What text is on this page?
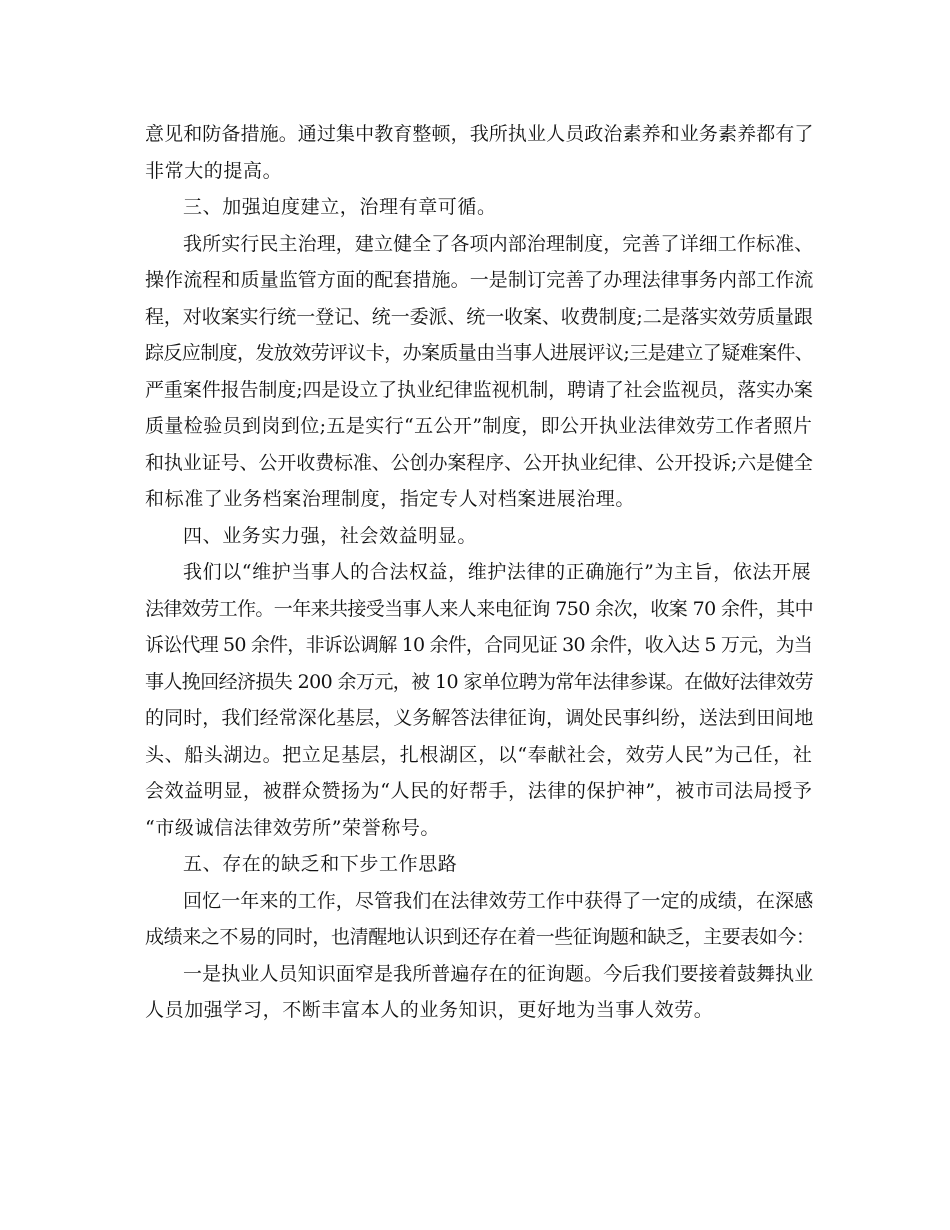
意见和防备措施。通过集中教育整顿，我所执业人员政治素养和业务素养都有了
非常大的提高。
三、加强迫度建立，治理有章可循。
我所实行民主治理，建立健全了各项内部治理制度，完善了详细工作标准、
操作流程和质量监管方面的配套措施。一是制订完善了办理法律事务内部工作流
程，对收案实行统一登记、统一委派、统一收案、收费制度;二是落实效劳质量跟
踪反应制度，发放效劳评议卡，办案质量由当事人进展评议;三是建立了疑难案件、
严重案件报告制度;四是设立了执业纪律监视机制，聘请了社会监视员，落实办案
质量检验员到岗到位;五是实行“五公开”制度，即公开执业法律效劳工作者照片
和执业证号、公开收费标准、公创办案程序、公开执业纪律、公开投诉;六是健全
和标准了业务档案治理制度，指定专人对档案进展治理。
四、业务实力强，社会效益明显。
我们以“维护当事人的合法权益，维护法律的正确施行”为主旨，依法开展
法律效劳工作。一年来共接受当事人来人来电征询 750 余次，收案 70 余件，其中
诉讼代理 50 余件，非诉讼调解 10 余件，合同见证 30 余件，收入达 5 万元，为当
事人挽回经济损失 200 余万元，被 10 家单位聘为常年法律参谋。在做好法律效劳
的同时，我们经常深化基层，义务解答法律征询，调处民事纠纷，送法到田间地
头、船头湖边。把立足基层，扎根湖区，以“奉献社会，效劳人民”为己任，社
会效益明显，被群众赞扬为“人民的好帮手，法律的保护神”，被市司法局授予
“市级诚信法律效劳所”荣誉称号。
五、存在的缺乏和下步工作思路
回忆一年来的工作，尽管我们在法律效劳工作中获得了一定的成绩，在深感
成绩来之不易的同时，也清醒地认识到还存在着一些征询题和缺乏，主要表如今：
一是执业人员知识面窄是我所普遍存在的征询题。今后我们要接着鼓舞执业
人员加强学习，不断丰富本人的业务知识，更好地为当事人效劳。
